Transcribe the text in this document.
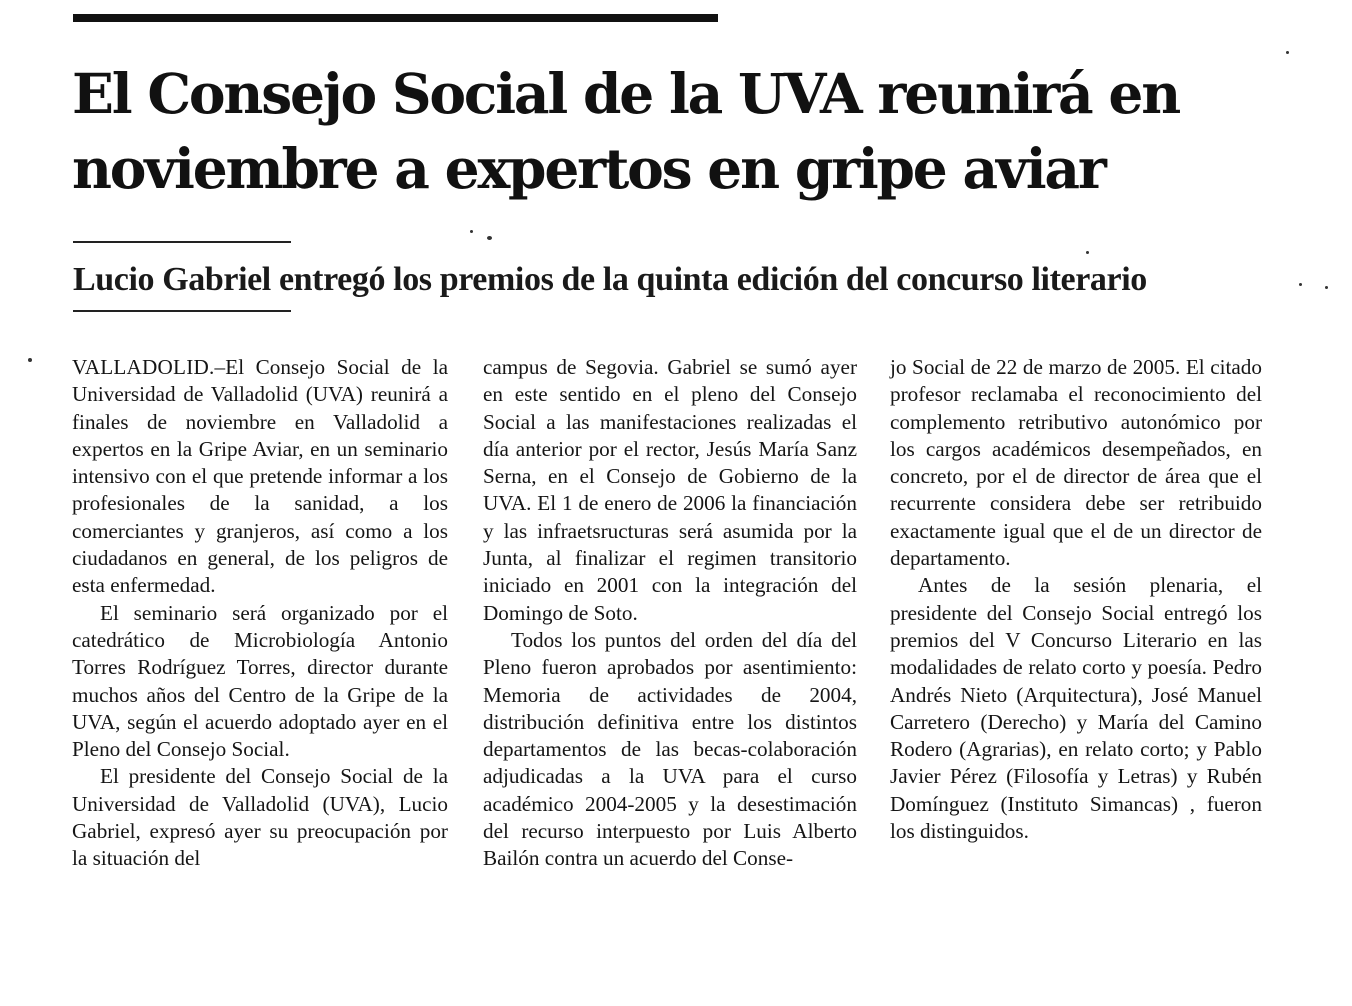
El Consejo Social de la UVA reunirá en
noviembre a expertos en gripe aviar
Lucio Gabriel entregó los premios de la quinta edición del concurso literario

VALLADOLID.–El Consejo Social de la Universidad de Valladolid (UVA) reunirá a finales de noviembre en Valladolid a expertos en la Gripe Aviar, en un seminario intensivo con el que pretende informar a los profesionales de la sanidad, a los comerciantes y granjeros, así como a los ciudadanos en general, de los peligros de esta enfermedad.

El seminario será organizado por el catedrático de Microbiología Antonio Torres Rodríguez Torres, director durante muchos años del Centro de la Gripe de la UVA, según el acuerdo adoptado ayer en el Pleno del Consejo Social.

El presidente del Consejo Social de la Universidad de Valladolid (UVA), Lucio Gabriel, expresó ayer su preocupación por la situación del

campus de Segovia. Gabriel se sumó ayer en este sentido en el pleno del Consejo Social a las manifestaciones realizadas el día anterior por el rector, Jesús María Sanz Serna, en el Consejo de Gobierno de la UVA. El 1 de enero de 2006 la financiación y las infraetsructuras será asumida por la Junta, al finalizar el regimen transitorio iniciado en 2001 con la integración del Domingo de Soto.

Todos los puntos del orden del día del Pleno fueron aprobados por asentimiento: Memoria de actividades de 2004, distribución definitiva entre los distintos departamentos de las becas-colaboración adjudicadas a la UVA para el curso académico 2004-2005 y la desestimación del recurso interpuesto por Luis Alberto Bailón contra un acuerdo del Conse-

jo Social de 22 de marzo de 2005. El citado profesor reclamaba el reconocimiento del complemento retributivo autonómico por los cargos académicos desempeñados, en concreto, por el de director de área que el recurrente considera debe ser retribuido exactamente igual que el de un director de departamento.

Antes de la sesión plenaria, el presidente del Consejo Social entregó los premios del V Concurso Literario en las modalidades de relato corto y poesía. Pedro Andrés Nieto (Arquitectura), José Manuel Carretero (Derecho) y María del Camino Rodero (Agrarias), en relato corto; y Pablo Javier Pérez (Filosofía y Letras) y Rubén Domínguez (Instituto Simancas) , fueron los distinguidos.
